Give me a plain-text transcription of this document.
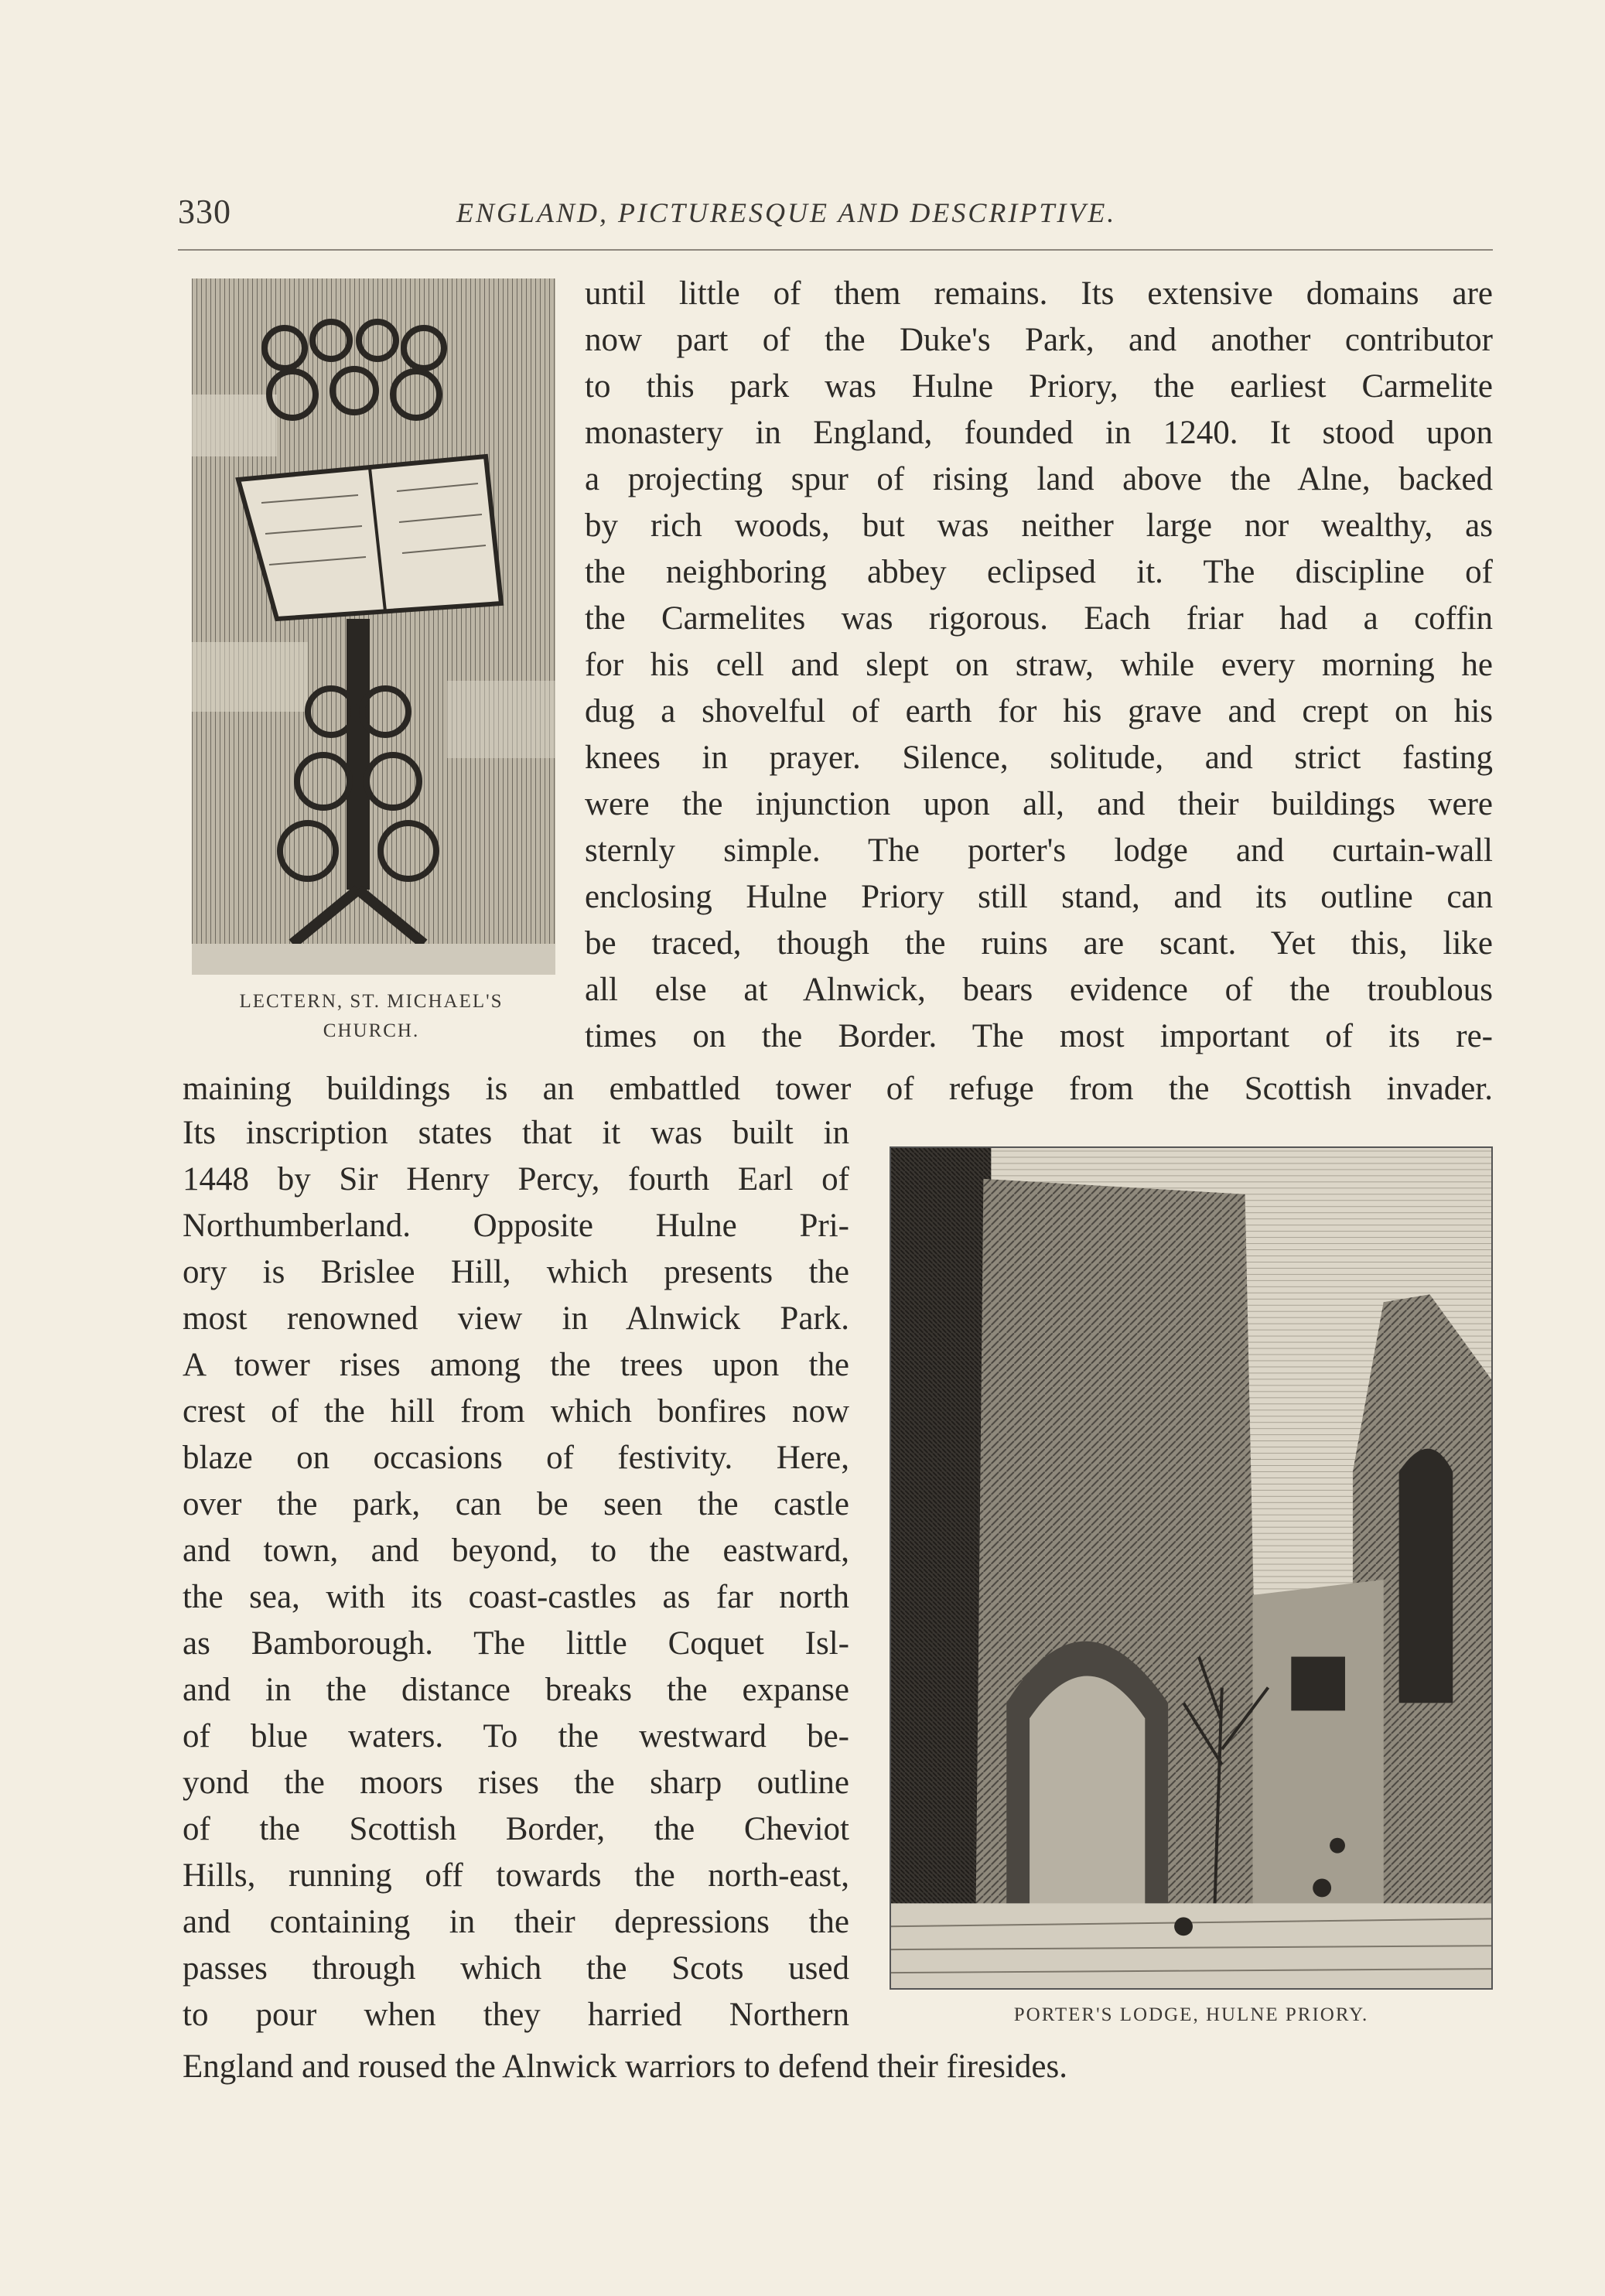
330	ENGLAND, PICTURESQUE AND DESCRIPTIVE.
LECTERN, ST. MICHAEL'S
CHURCH.
until little of them remains. Its extensive domains are
now part of the Duke's Park, and another contributor
to this park was Hulne Priory, the earliest Carmelite
monastery in England, founded in 1240. It stood upon
a projecting spur of rising land above the Alne, backed
by rich woods, but was neither large nor wealthy, as
the neighboring abbey eclipsed it. The discipline of
the Carmelites was rigorous. Each friar had a coffin
for his cell and slept on straw, while every morning he
dug a shovelful of earth for his grave and crept on his
knees in prayer. Silence, solitude, and strict fasting
were the injunction upon all, and their buildings were
sternly simple. The porter's lodge and curtain-wall
enclosing Hulne Priory still stand, and its outline can
be traced, though the ruins are scant. Yet this, like
all else at Alnwick, bears evidence of the troublous
times on the Border. The most important of its re-
maining buildings is an embattled tower of refuge from the Scottish invader.
Its inscription states that it was built in
1448 by Sir Henry Percy, fourth Earl of
Northumberland. Opposite Hulne Pri-
ory is Brislee Hill, which presents the
most renowned view in Alnwick Park.
A tower rises among the trees upon the
crest of the hill from which bonfires now
blaze on occasions of festivity. Here,
over the park, can be seen the castle
and town, and beyond, to the eastward,
the sea, with its coast-castles as far north
as Bamborough. The little Coquet Isl-
and in the distance breaks the expanse
of blue waters. To the westward be-
yond the moors rises the sharp outline
of the Scottish Border, the Cheviot
Hills, running off towards the north-east,
and containing in their depressions the
passes through which the Scots used
to pour when they harried Northern	PORTER'S LODGE, HULNE PRIORY.
England and roused the Alnwick warriors to defend their firesides.
